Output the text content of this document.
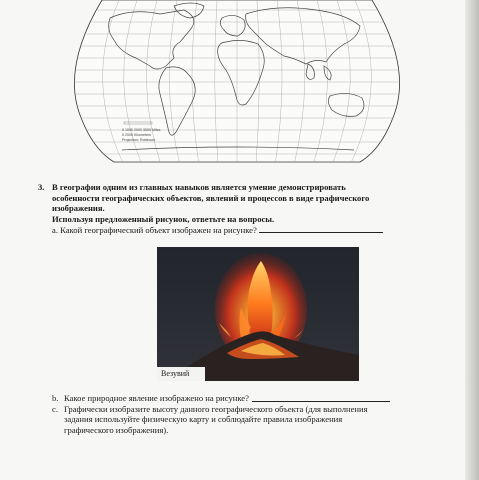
0 1000 2000 3000 Miles
0 2000 Kilometers
Projection: Robinson
3. В географии одним из главных навыков является умение демонстрировать
особенности географических объектов, явлений и процессов в виде графического
изображения.
Используя предложенный рисунок, ответьте на вопросы.
a. Какой географический объект изображен на рисунке?
Везувий
b. Какое природное явление изображено на рисунке?
c. Графически изобразите высоту данного географического объекта (для выполнения
задания используйте физическую карту и соблюдайте правила изображения
графического изображения).
